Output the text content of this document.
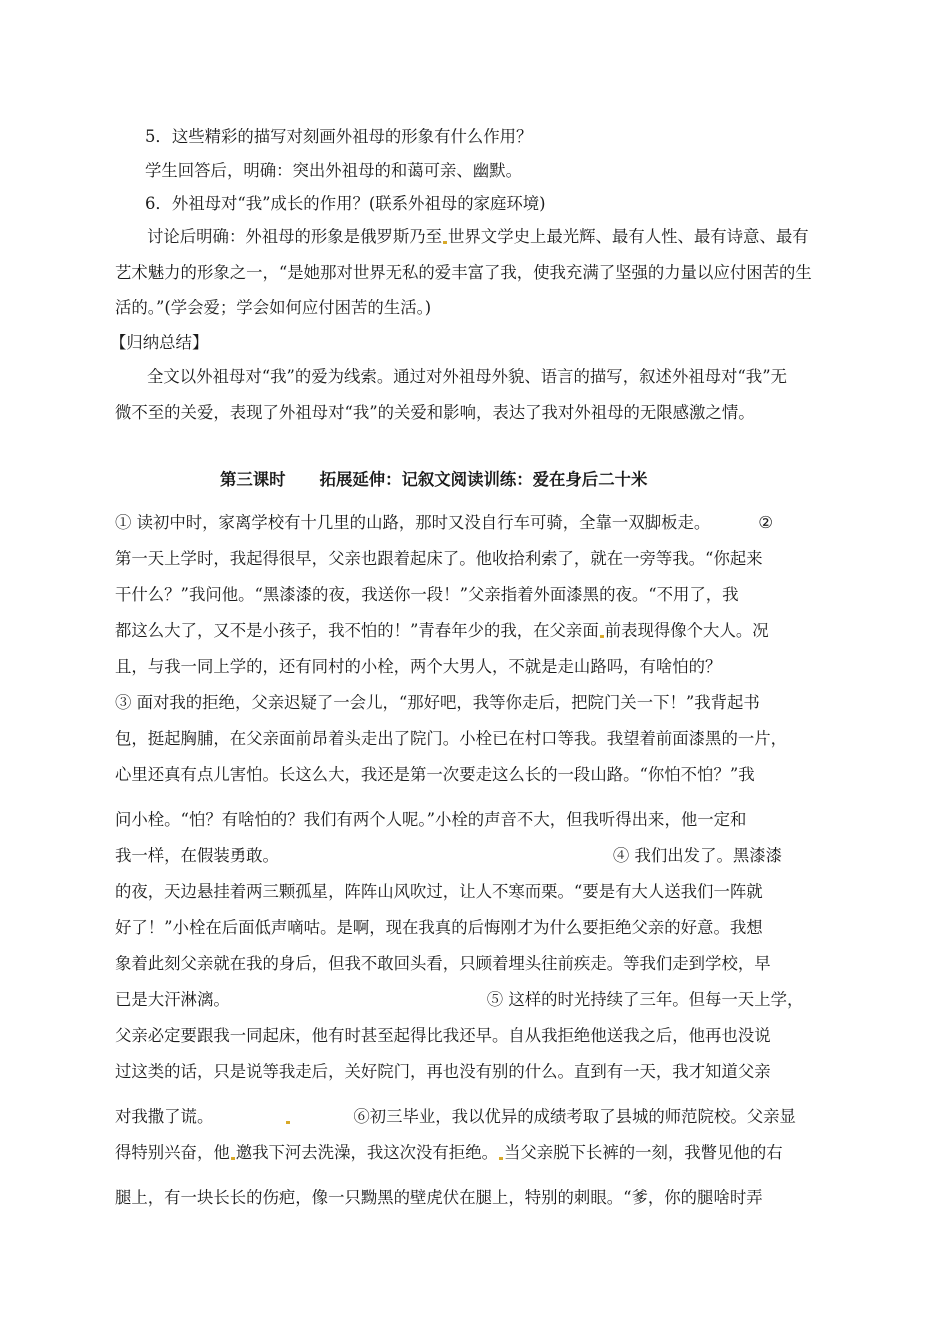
5．这些精彩的描写对刻画外祖母的形象有什么作用？
学生回答后，明确：突出外祖母的和蔼可亲、幽默。
6．外祖母对“我”成长的作用？(联系外祖母的家庭环境)
讨论后明确：外祖母的形象是俄罗斯乃至 世界文学史上最光辉、最有人性、最有诗意、最有
艺术魅力的形象之一，“是她那对世界无私的爱丰富了我，使我充满了坚强的力量以应付困苦的生
活的。”(学会爱；学会如何应付困苦的生活。)
【归纳总结】
全文以外祖母对“我”的爱为线索。通过对外祖母外貌、语言的描写，叙述外祖母对“我”无
微不至的关爱，表现了外祖母对“我”的关爱和影响，表达了我对外祖母的无限感激之情。
第三课时 拓展延伸：记叙文阅读训练：爱在身后二十米
① 读初中时，家离学校有十几里的山路，那时又没自行车可骑，全靠一双脚板走。	②
第一天上学时，我起得很早，父亲也跟着起床了。他收拾利索了，就在一旁等我。“你起来
干什么？”我问他。“黑漆漆的夜，我送你一段！”父亲指着外面漆黑的夜。“不用了，我
都这么大了，又不是小孩子，我不怕的！”青春年少的我，在父亲面 前表现得像个大人。况
且，与我一同上学的，还有同村的小栓，两个大男人，不就是走山路吗，有啥怕的？
③ 面对我的拒绝，父亲迟疑了一会儿，“那好吧，我等你走后，把院门关一下！”我背起书
包，挺起胸脯，在父亲面前昂着头走出了院门。小栓已在村口等我。我望着前面漆黑的一片，
心里还真有点儿害怕。长这么大，我还是第一次要走这么长的一段山路。“你怕不怕？”我
问小栓。“怕？有啥怕的？我们有两个人呢。”小栓的声音不大，但我听得出来，他一定和
我一样，在假装勇敢。	④ 我们出发了。黑漆漆
的夜，天边悬挂着两三颗孤星，阵阵山风吹过，让人不寒而栗。“要是有大人送我们一阵就
好了！”小栓在后面低声嘀咕。是啊，现在我真的后悔刚才为什么要拒绝父亲的好意。我想
象着此刻父亲就在我的身后，但我不敢回头看，只顾着埋头往前疾走。等我们走到学校，早
已是大汗淋漓。	⑤ 这样的时光持续了三年。但每一天上学，
父亲必定要跟我一同起床，他有时甚至起得比我还早。自从我拒绝他送我之后，他再也没说
过这类的话，只是说等我走后，关好院门，再也没有别的什么。直到有一天，我才知道父亲
对我撒了谎。	⑥初三毕业，我以优异的成绩考取了县城的师范院校。父亲显
得特别兴奋，他 邀我下河去洗澡，我这次没有拒绝。 当父亲脱下长裤的一刻，我瞥见他的右
腿上，有一块长长的伤疤，像一只黝黑的壁虎伏在腿上，特别的刺眼。“爹，你的腿啥时弄
